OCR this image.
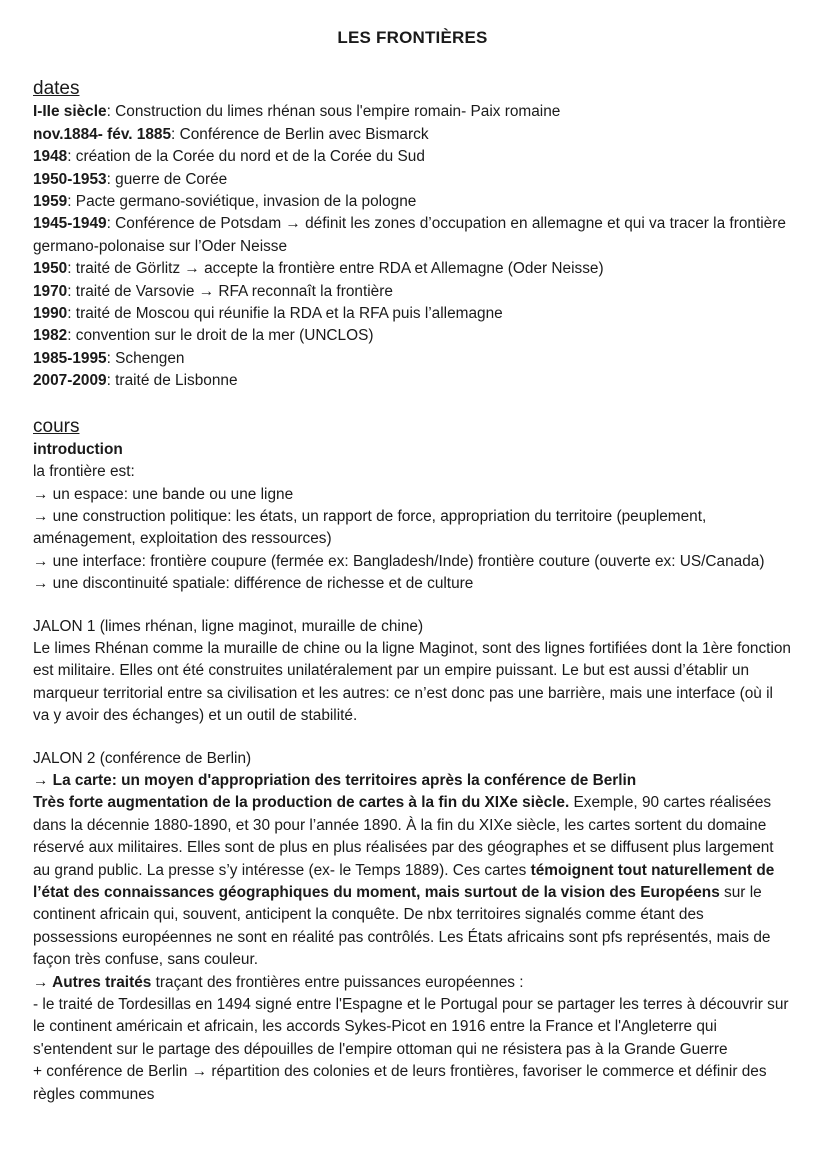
LES FRONTIÈRES
dates

I-IIe siècle: Construction du limes rhénan sous l'empire romain- Paix romaine

nov.1884- fév. 1885: Conférence de Berlin avec Bismarck

1948: création de la Corée du nord et de la Corée du Sud

1950-1953: guerre de Corée

1959: Pacte germano-soviétique, invasion de la pologne

1945-1949: Conférence de Potsdam → définit les zones d’occupation en allemagne et qui va tracer la frontière germano-polonaise sur l’Oder Neisse

1950: traité de Görlitz → accepte la frontière entre RDA et Allemagne (Oder Neisse)

1970: traité de Varsovie → RFA reconnaît la frontière

1990: traité de Moscou qui réunifie la RDA et la RFA puis l’allemagne

1982: convention sur le droit de la mer (UNCLOS)

1985-1995: Schengen

2007-2009: traité de Lisbonne

cours

introduction

la frontière est:

→ un espace: une bande ou une ligne

→ une construction politique: les états, un rapport de force, appropriation du territoire (peuplement, aménagement, exploitation des ressources)

→ une interface: frontière coupure (fermée ex: Bangladesh/Inde) frontière couture (ouverte ex: US/Canada)

→ une discontinuité spatiale: différence de richesse et de culture

JALON 1 (limes rhénan, ligne maginot, muraille de chine)

Le limes Rhénan comme la muraille de chine ou la ligne Maginot, sont des lignes fortifiées dont la 1ère fonction est militaire. Elles ont été construites unilatéralement par un empire puissant. Le but est aussi d’établir un marqueur territorial entre sa civilisation et les autres: ce n’est donc pas une barrière, mais une interface (où il va y avoir des échanges) et un outil de stabilité.

JALON 2 (conférence de Berlin)

→ La carte: un moyen d'appropriation des territoires après la conférence de Berlin

Très forte augmentation de la production de cartes à la fin du XIXe siècle. Exemple, 90 cartes réalisées dans la décennie 1880-1890, et 30 pour l’année 1890. À la fin du XIXe siècle, les cartes sortent du domaine réservé aux militaires. Elles sont de plus en plus réalisées par des géographes et se diffusent plus largement au grand public. La presse s’y intéresse (ex- le Temps 1889). Ces cartes témoignent tout naturellement de l’état des connaissances géographiques du moment, mais surtout de la vision des Européens sur le continent africain qui, souvent, anticipent la conquête. De nbx territoires signalés comme étant des possessions européennes ne sont en réalité pas contrôlés. Les États africains sont pfs représentés, mais de façon très confuse, sans couleur.

→ Autres traités traçant des frontières entre puissances européennes :

- le traité de Tordesillas en 1494 signé entre l'Espagne et le Portugal pour se partager les terres à découvrir sur le continent américain et africain, les accords Sykes-Picot en 1916 entre la France et l'Angleterre qui s'entendent sur le partage des dépouilles de l'empire ottoman qui ne résistera pas à la Grande Guerre

+ conférence de Berlin → répartition des colonies et de leurs frontières, favoriser le commerce et définir des règles communes
